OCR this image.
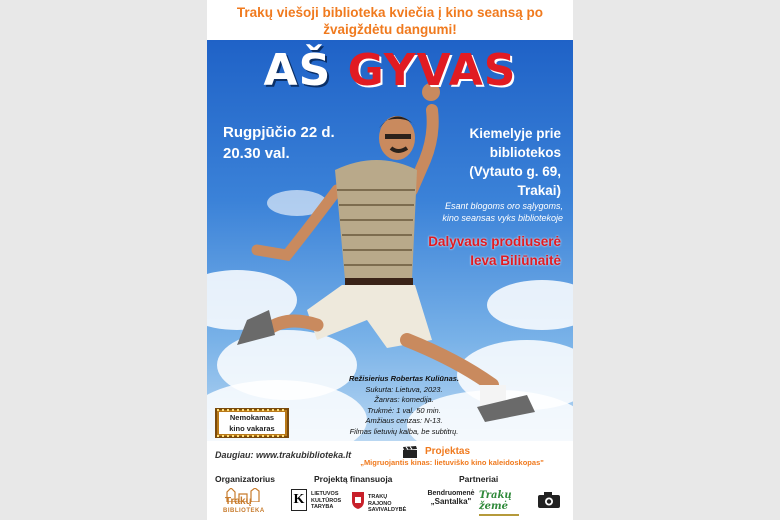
Trakų viešoji biblioteka kviečia į kino seansą po
žvaigždėtu dangumi!
AŠ GYVAS
Rugpjūčio 22 d.
20.30 val.
Kiemelyje prie
bibliotekos
(Vytauto g. 69,
Trakai)
Esant blogoms oro sąlygoms,
kino seansas vyks bibliotekoje
Dalyvaus prodiuserė
Ieva Biliūnaitė
Režisierius Robertas Kuliūnas.
Sukurta: Lietuva, 2023.
Žanras: komedija.
Trukmė: 1 val. 50 min.
Amžiaus cenzas: N-13.
Filmas lietuvių kalba, be subtitrų.
Nemokamas
kino vakaras
Daugiau: www.trakubiblioteka.lt	Projektas
„Migruojantis kinas: lietuviško kino kaleidoskopas"
Organizatorius	Projektą finansuoja	Partneriai
Trakų
BIBLIOTEKA
K	LIETUVOS
KULTŪROS
TARYBA
TRAKŲ RAJONO
SAVIVALDYBĖ
Bendruomenė
„Santalka"
Trakų žemė
